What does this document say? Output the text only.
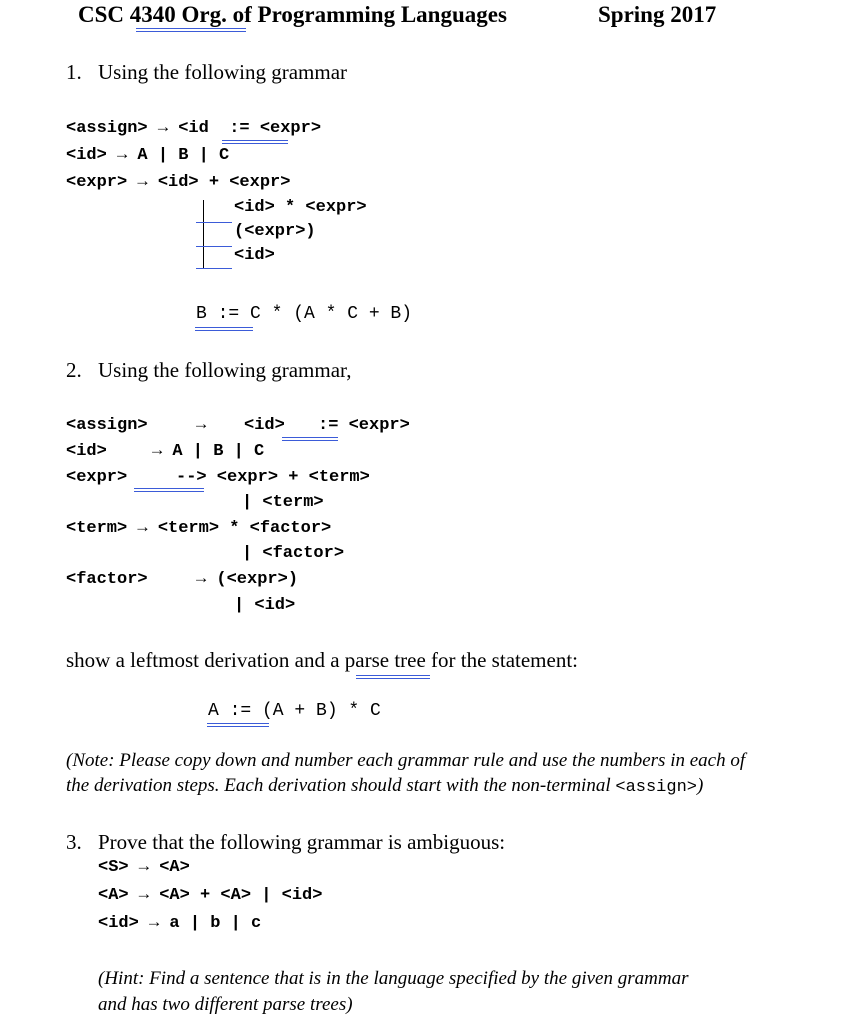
CSC 4340 Org. of Programming Languages	Spring 2017
1. Using the following grammar
<assign> → <id  := <expr>
<id> → A | B | C
<expr> → <id> + <expr>
<id> * <expr>
(<expr>)
<id>
B := C * (A * C + B)
2. Using the following grammar,
<assign>	→ <id> := <expr>
<id>	→ A | B | C
<expr>	--> <expr> + <term>
| <term>
<term> → <term> * <factor>
| <factor>
<factor>	→ (<expr>)
| <id>
show a leftmost derivation and a parse tree for the statement:
A := (A + B) * C
(Note: Please copy down and number each grammar rule and use the numbers in each of
the derivation steps. Each derivation should start with the non-terminal <assign>)
3. Prove that the following grammar is ambiguous:
<S> → <A>
<A> → <A> + <A> | <id>
<id> → a | b | c
(Hint: Find a sentence that is in the language specified by the given grammar
and has two different parse trees)
